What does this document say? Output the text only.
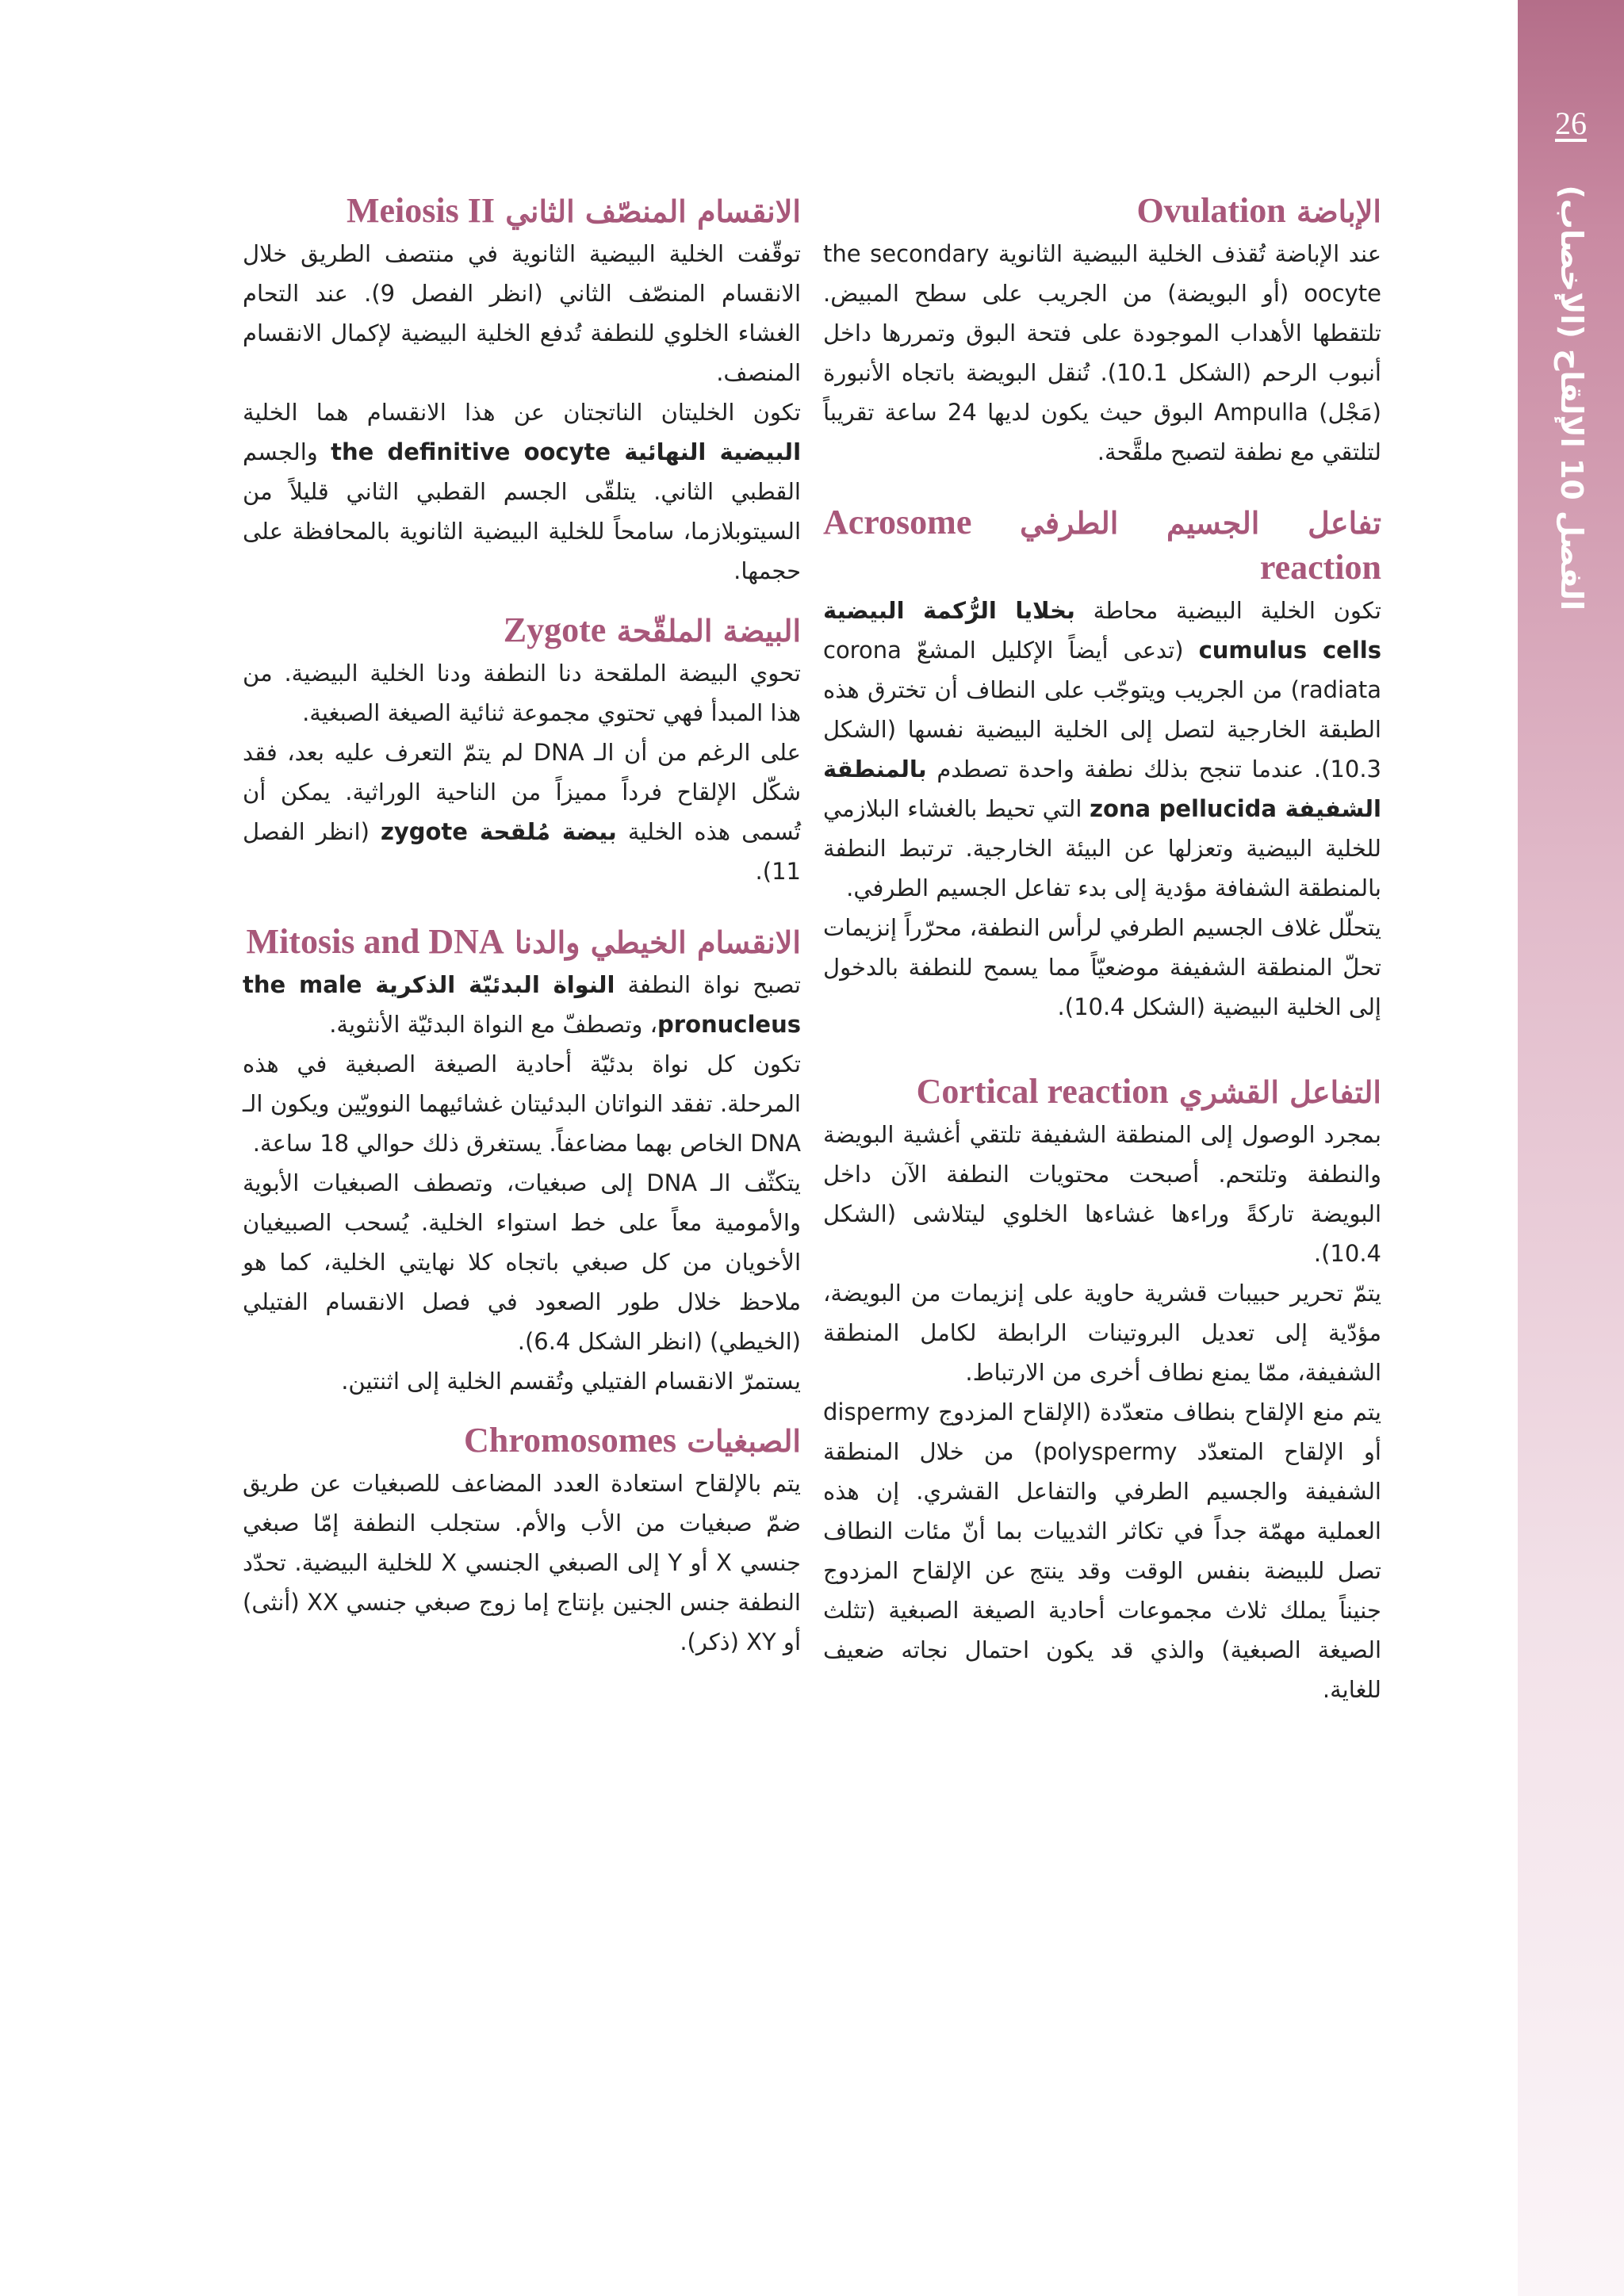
26
الفصل 10 الإلقاح (الإخصاب)
الإباضة Ovulation

عند الإباضة تُقذف الخلية البيضية الثانوية the secondary oocyte (أو البويضة) من الجريب على سطح المبيض. تلتقطها الأهداب الموجودة على فتحة البوق وتمررها داخل أنبوب الرحم (الشكل 10.1). تُنقل البويضة باتجاه الأنبورة (مَجْل) Ampulla البوق حيث يكون لديها 24 ساعة تقريباً لتلتقي مع نطفة لتصبح ملقَّحة.

تفاعل الجسيم الطرفي Acrosome reaction

تكون الخلية البيضية محاطة بخلايا الرُّكمة البيضية cumulus cells (تدعى أيضاً الإكليل المشعّ corona radiata) من الجريب ويتوجّب على النطاف أن تخترق هذه الطبقة الخارجية لتصل إلى الخلية البيضية نفسها (الشكل 10.3). عندما تنجح بذلك نطفة واحدة تصطدم بالمنطقة الشفيفة zona pellucida التي تحيط بالغشاء البلازمي للخلية البيضية وتعزلها عن البيئة الخارجية. ترتبط النطفة بالمنطقة الشفافة مؤدية إلى بدء تفاعل الجسيم الطرفي.

يتحلّل غلاف الجسيم الطرفي لرأس النطفة، محرّراً إنزيمات تحلّ المنطقة الشفيفة موضعيّاً مما يسمح للنطفة بالدخول إلى الخلية البيضية (الشكل 10.4).

التفاعل القشري Cortical reaction

بمجرد الوصول إلى المنطقة الشفيفة تلتقي أغشية البويضة والنطفة وتلتحم. أصبحت محتويات النطفة الآن داخل البويضة تاركةً وراءها غشاءها الخلوي ليتلاشى (الشكل 10.4).

يتمّ تحرير حبيبات قشرية حاوية على إنزيمات من البويضة، مؤدّية إلى تعديل البروتينات الرابطة لكامل المنطقة الشفيفة، ممّا يمنع نطاف أخرى من الارتباط.

يتم منع الإلقاح بنطاف متعدّدة (الإلقاح المزدوج dispermy أو الإلقاح المتعدّد polyspermy) من خلال المنطقة الشفيفة والجسيم الطرفي والتفاعل القشري. إن هذه العملية مهمّة جداً في تكاثر الثدييات بما أنّ مئات النطاف تصل للبيضة بنفس الوقت وقد ينتج عن الإلقاح المزدوج جنيناً يملك ثلاث مجموعات أحادية الصيغة الصبغية (تثلث الصيغة الصبغية) والذي قد يكون احتمال نجاته ضعيف للغاية.

الانقسام المنصّف الثاني Meiosis II

توقّفت الخلية البيضية الثانوية في منتصف الطريق خلال الانقسام المنصّف الثاني (انظر الفصل 9). عند التحام الغشاء الخلوي للنطفة تُدفع الخلية البيضية لإكمال الانقسام المنصف.

تكون الخليتان الناتجتان عن هذا الانقسام هما الخلية البيضية النهائية the definitive oocyte والجسم القطبي الثاني. يتلقّى الجسم القطبي الثاني قليلاً من السيتوبلازما، سامحاً للخلية البيضية الثانوية بالمحافظة على حجمها.

البيضة الملقّحة Zygote

تحوي البيضة الملقحة دنا النطفة ودنا الخلية البيضية. من هذا المبدأ فهي تحتوي مجموعة ثنائية الصيغة الصبغية.

على الرغم من أن الـ DNA لم يتمّ التعرف عليه بعد، فقد شكّل الإلقاح فرداً مميزاً من الناحية الوراثية. يمكن أن تُسمى هذه الخلية بيضة مُلقحة zygote (انظر الفصل 11).

الانقسام الخيطي والدنا Mitosis and DNA

تصبح نواة النطفة النواة البدئيّة الذكرية the male pronucleus، وتصطفّ مع النواة البدئيّة الأنثوية.

تكون كل نواة بدئيّة أحادية الصيغة الصبغية في هذه المرحلة. تفقد النواتان البدئيتان غشائيهما النوويّين ويكون الـ DNA الخاص بهما مضاعفاً. يستغرق ذلك حوالي 18 ساعة.

يتكثّف الـ DNA إلى صبغيات، وتصطف الصبغيات الأبوية والأمومية معاً على خط استواء الخلية. يُسحب الصبيغيان الأخويان من كل صبغي باتجاه كلا نهايتي الخلية، كما هو ملاحظ خلال طور الصعود في فصل الانقسام الفتيلي (الخيطي) (انظر الشكل 6.4).

يستمرّ الانقسام الفتيلي وتُقسم الخلية إلى اثنتين.

الصبغيات Chromosomes

يتم بالإلقاح استعادة العدد المضاعف للصبغيات عن طريق ضمّ صبغيات من الأب والأم. ستجلب النطفة إمّا صبغي جنسي X أو Y إلى الصبغي الجنسي X للخلية البيضية. تحدّد النطفة جنس الجنين بإنتاج إما زوج صبغي جنسي XX (أنثى) أو XY (ذكر).
